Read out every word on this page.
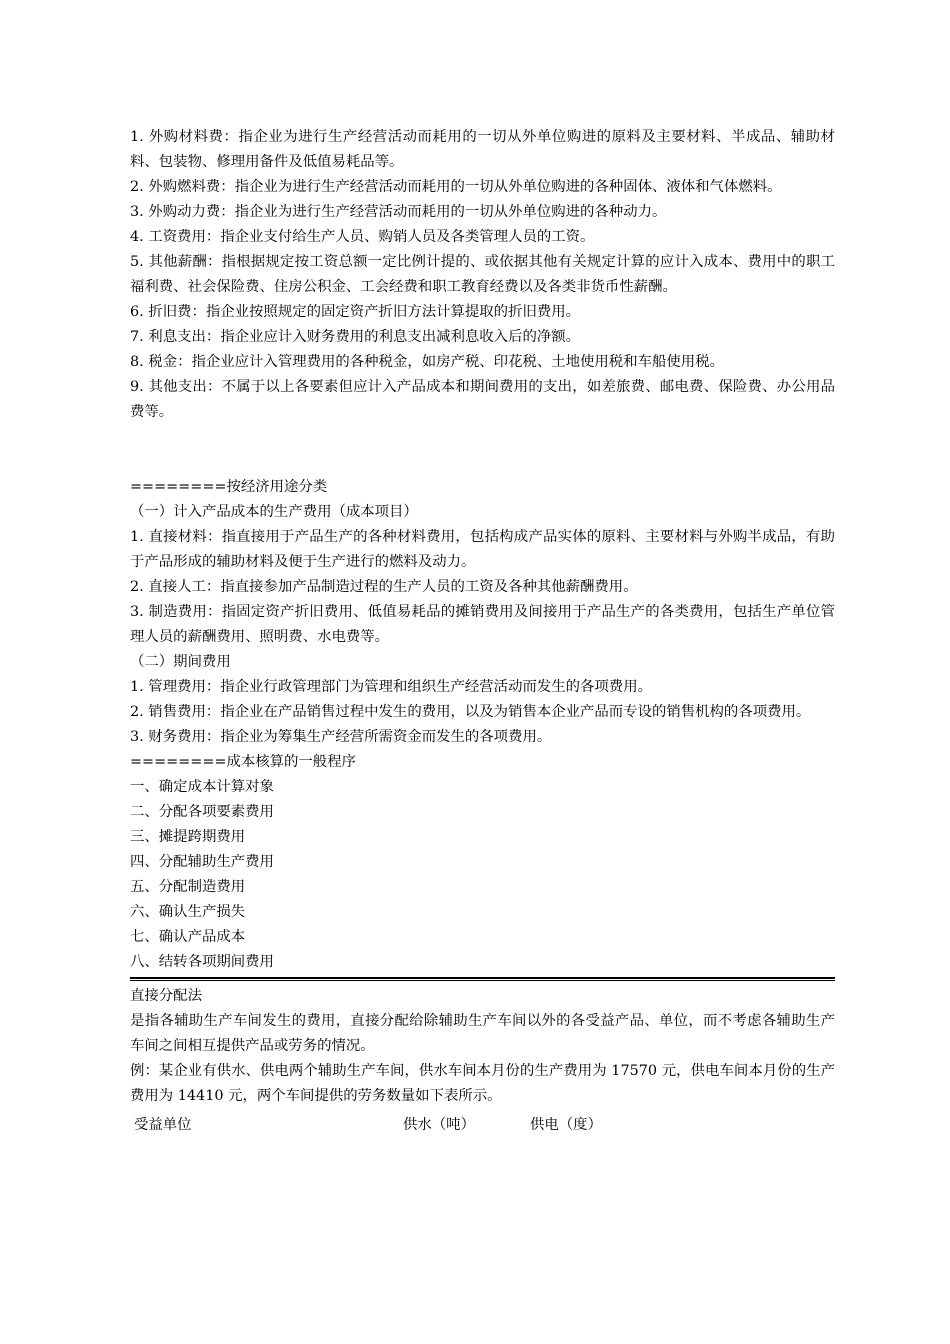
1. 外购材料费：指企业为进行生产经营活动而耗用的一切从外单位购进的原料及主要材料、半成品、辅助材料、包装物、修理用备件及低值易耗品等。

2. 外购燃料费：指企业为进行生产经营活动而耗用的一切从外单位购进的各种固体、液体和气体燃料。

3. 外购动力费：指企业为进行生产经营活动而耗用的一切从外单位购进的各种动力。

4. 工资费用：指企业支付给生产人员、购销人员及各类管理人员的工资。

5. 其他薪酬：指根据规定按工资总额一定比例计提的、或依据其他有关规定计算的应计入成本、费用中的职工福利费、社会保险费、住房公积金、工会经费和职工教育经费以及各类非货币性薪酬。

6. 折旧费：指企业按照规定的固定资产折旧方法计算提取的折旧费用。

7. 利息支出：指企业应计入财务费用的利息支出减利息收入后的净额。

8. 税金：指企业应计入管理费用的各种税金，如房产税、印花税、土地使用税和车船使用税。

9. 其他支出：不属于以上各要素但应计入产品成本和期间费用的支出，如差旅费、邮电费、保险费、办公用品费等。

========按经济用途分类

（一）计入产品成本的生产费用（成本项目）

1. 直接材料：指直接用于产品生产的各种材料费用，包括构成产品实体的原料、主要材料与外购半成品，有助于产品形成的辅助材料及便于生产进行的燃料及动力。

2. 直接人工：指直接参加产品制造过程的生产人员的工资及各种其他薪酬费用。

3. 制造费用：指固定资产折旧费用、低值易耗品的摊销费用及间接用于产品生产的各类费用，包括生产单位管理人员的薪酬费用、照明费、水电费等。

（二）期间费用

1. 管理费用：指企业行政管理部门为管理和组织生产经营活动而发生的各项费用。

2. 销售费用：指企业在产品销售过程中发生的费用，以及为销售本企业产品而专设的销售机构的各项费用。

3. 财务费用：指企业为筹集生产经营所需资金而发生的各项费用。

========成本核算的一般程序

一、确定成本计算对象

二、分配各项要素费用

三、摊提跨期费用

四、分配辅助生产费用

五、分配制造费用

六、确认生产损失

七、确认产品成本

八、结转各项期间费用

直接分配法

是指各辅助生产车间发生的费用，直接分配给除辅助生产车间以外的各受益产品、单位，而不考虑各辅助生产车间之间相互提供产品或劳务的情况。

例：某企业有供水、供电两个辅助生产车间，供水车间本月份的生产费用为 17570 元，供电车间本月份的生产费用为 14410 元，两个车间提供的劳务数量如下表所示。

受益单位	供水（吨）	供电（度）
